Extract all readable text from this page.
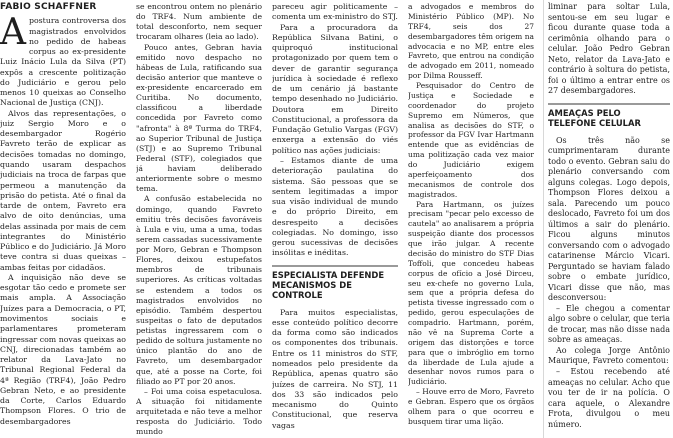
FÁBIO SCHAFFNER
A postura controversa dos magistrados envolvidos no pedido de habeas corpus ao ex-presidente Luiz Inácio Lula da Silva (PT) expôs a crescente politização do Judiciário e gerou pelo menos 10 queixas ao Conselho Nacional de Justiça (CNJ).

Alvos das representações, o juiz Sergio Moro e o desembargador Rogério Favreto terão de explicar as decisões tomadas no domingo, quando usaram despachos judiciais na troca de farpas que permeou a manutenção da prisão do petista. Até o final da tarde de ontem, Favreto era alvo de oito denúncias, uma delas assinada por mais de cem integrantes do Ministério Público e do Judiciário. Já Moro teve contra si duas queixas – ambas feitas por cidadãos.

A inquisição não deve se esgotar tão cedo e promete ser mais ampla. A Associação Juízes para a Democracia, o PT, movimentos sociais e parlamentares prometeram ingressar com novas queixas ao CNJ, direcionadas também ao relator da Lava-Jato no Tribunal Regional Federal da 4ª Região (TRF4), João Pedro Gebran Neto, e ao presidente da Corte, Carlos Eduardo Thompson Flores. O trio de desembargadores

se encontrou ontem no plenário do TRF4. Num ambiente de total desconforto, nem sequer trocaram olhares (leia ao lado).

Pouco antes, Gebran havia emitido novo despacho no hábeas de Lula, ratificando sua decisão anterior que manteve o ex-presidente encarcerado em Curitiba. No documento, classificou a liberdade concedida por Favreto como "afronta" à 8ª Turma do TRF4, ao Superior Tribunal de Justiça (STJ) e ao Supremo Tribunal Federal (STF), colegiados que já haviam deliberado anteriormente sobre o mesmo tema.

A confusão estabelecida no domingo, quando Favreto emitiu três decisões favoráveis à Lula e viu, uma a uma, todas serem cassadas sucessivamente por Moro, Gebran e Thompson Flores, deixou estupefatos membros de tribunais superiores. As críticas voltadas se estendem a todos os magistrados envolvidos no episódio. Também despertou suspeitas o fato de deputados petistas ingressarem com o pedido de soltura justamente no único plantão do ano de Favreto, um desembargador que, até a posse na Corte, foi filiado ao PT por 20 anos.

– Foi uma coisa espetaculosa. A situação foi nitidamente arquitetada e não teve a melhor resposta do Judiciário. Todo mundo

pareceu agir politicamente – comenta um ex-ministro do STJ.

Para a procuradora da República Silvana Batini, o quiproquó institucional protagonizado por quem tem o dever de garantir segurança jurídica à sociedade é reflexo de um cenário já bastante tempo desenhado no Judiciário. Doutora em Direito Constitucional, a professora da Fundação Getulio Vargas (FGV) enxerga a extensão do viés político nas ações judiciais:

– Estamos diante de uma deterioração paulatina do sistema. São pessoas que se sentem legitimadas a impor sua visão individual de mundo e do próprio Direito, em desrespeito a decisões colegiadas. No domingo, isso gerou sucessivas de decisões insólitas e inéditas.

ESPECIALISTA DEFENDE MECANISMOS DE CONTROLE

Para muitos especialistas, esse conteúdo político decorre da forma como são indicados os componentes dos tribunais. Entre os 11 ministros do STF, nomeados pelo presidente da República, apenas quatro são juízes de carreira. No STJ, 11 dos 33 são indicados pelo mecanismo do Quinto Constitucional, que reserva vagas

a advogados e membros do Ministério Público (MP). No TRF4, seis dos 27 desembargadores têm origem na advocacia e no MP, entre eles Favreto, que entrou na condição de advogado em 2011, nomeado por Dilma Rousseff.

Pesquisador do Centro de Justiça e Sociedade e coordenador do projeto Supremo em Números, que analisa as decisões do STF, o professor da FGV Ivar Hartmann entende que as evidências de uma politização cada vez maior do Judiciário exigem aperfeiçoamento dos mecanismos de controle dos magistrados.

Para Hartmann, os juízes precisam "pecar pelo excesso de cautela" ao analisarem a própria suspeição diante dos processos que irão julgar. A recente decisão do ministro do STF Dias Toffoli, que concedeu habeas corpus de ofício a José Dirceu, seu ex-chefe no governo Lula, sem que a própria defesa do petista tivesse ingressado com o pedido, gerou especulações de compadrio. Hartmann, porém, não vê na Suprema Corte a origem das distorções e torce para que o imbróglio em torno da liberdade de Lula ajude a desenhar novos rumos para o Judiciário.

– Houve erro de Moro, Favreto e Gebran. Espero que os órgãos olhem para o que ocorreu e busquem tirar uma lição.

liminar para soltar Lula, sentou-se em seu lugar e ficou durante quase toda a cerimônia olhando para o celular. João Pedro Gebran Neto, relator da Lava-Jato e contrário à soltura do petista, foi o último a entrar entre os 27 desembargadores.

AMEAÇAS PELO TELEFONE CELULAR

Os três não se cumprimentaram durante todo o evento. Gebran saiu do plenário conversando com alguns colegas. Logo depois, Thompson Flores deixou a sala. Parecendo um pouco deslocado, Favreto foi um dos últimos a sair do plenário. Ficou alguns minutos conversando com o advogado catarinense Márcio Vicari. Perguntado se haviam falado sobre o embate jurídico, Vicari disse que não, mas desconversou:

– Ele chegou a comentar algo sobre o celular, que teria de trocar, mas não disse nada sobre as ameaças.

Ao colega Jorge Antônio Maurique, Favreto comentou:

– Estou recebendo até ameaças no celular. Acho que vou ter de ir na polícia. O cara aquele, o Alexandre Frota, divulgou o meu número.
